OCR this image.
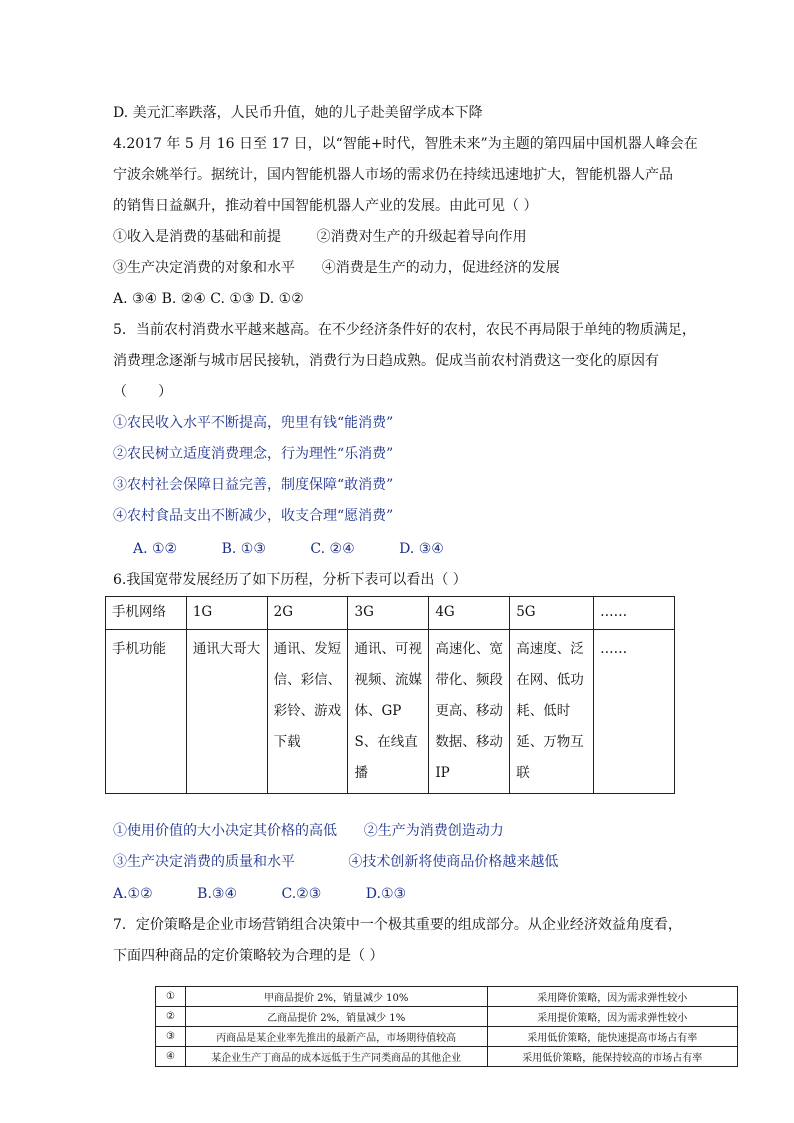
D. 美元汇率跌落，人民币升值，她的儿子赴美留学成本下降
4.2017 年 5 月 16 日至 17 日，以“智能+时代，智胜未来”为主题的第四届中国机器人峰会在
宁波余姚举行。据统计，国内智能机器人市场的需求仍在持续迅速地扩大，智能机器人产品
的销售日益飙升，推动着中国智能机器人产业的发展。由此可见（ ）
①收入是消费的基础和前提        ②消费对生产的升级起着导向作用
③生产决定消费的对象和水平      ④消费是生产的动力，促进经济的发展
A. ③④ B. ②④ C. ①③ D. ①②
5．当前农村消费水平越来越高。在不少经济条件好的农村，农民不再局限于单纯的物质满足，
消费理念逐渐与城市居民接轨，消费行为日趋成熟。促成当前农村消费这一变化的原因有
（       ）
①农民收入水平不断提高，兜里有钱“能消费”
②农民树立适度消费理念，行为理性“乐消费”
③农村社会保障日益完善，制度保障“敢消费”
④农村食品支出不断减少，收支合理“愿消费”
A. ①②          B. ①③          C. ②④          D. ③④
6.我国宽带发展经历了如下历程，分析下表可以看出（ ）
手机网络	1G	2G	3G	4G	5G	……
手机功能	通讯大哥大	通讯、发短信、彩信、彩铃、游戏下载	通讯、可视视频、流媒体、GPS、在线直播	高速化、宽带化、频段更高、移动数据、移动IP	高速度、泛在网、低功耗、低时延、万物互联	……
①使用价值的大小决定其价格的高低      ②生产为消费创造动力
③生产决定消费的质量和水平            ④技术创新将使商品价格越来越低
A.①②          B.③④          C.②③          D.①③
7．定价策略是企业市场营销组合决策中一个极其重要的组成部分。从企业经济效益角度看，
下面四种商品的定价策略较为合理的是（ ）
①	甲商品提价 2%，销量减少 10%	采用降价策略，因为需求弹性较小
②	乙商品提价 2%，销量减少 1%	采用提价策略，因为需求弹性较小
③	丙商品是某企业率先推出的最新产品，市场期待值较高	采用低价策略，能快速提高市场占有率
④	某企业生产丁商品的成本远低于生产同类商品的其他企业	采用低价策略，能保持较高的市场占有率
